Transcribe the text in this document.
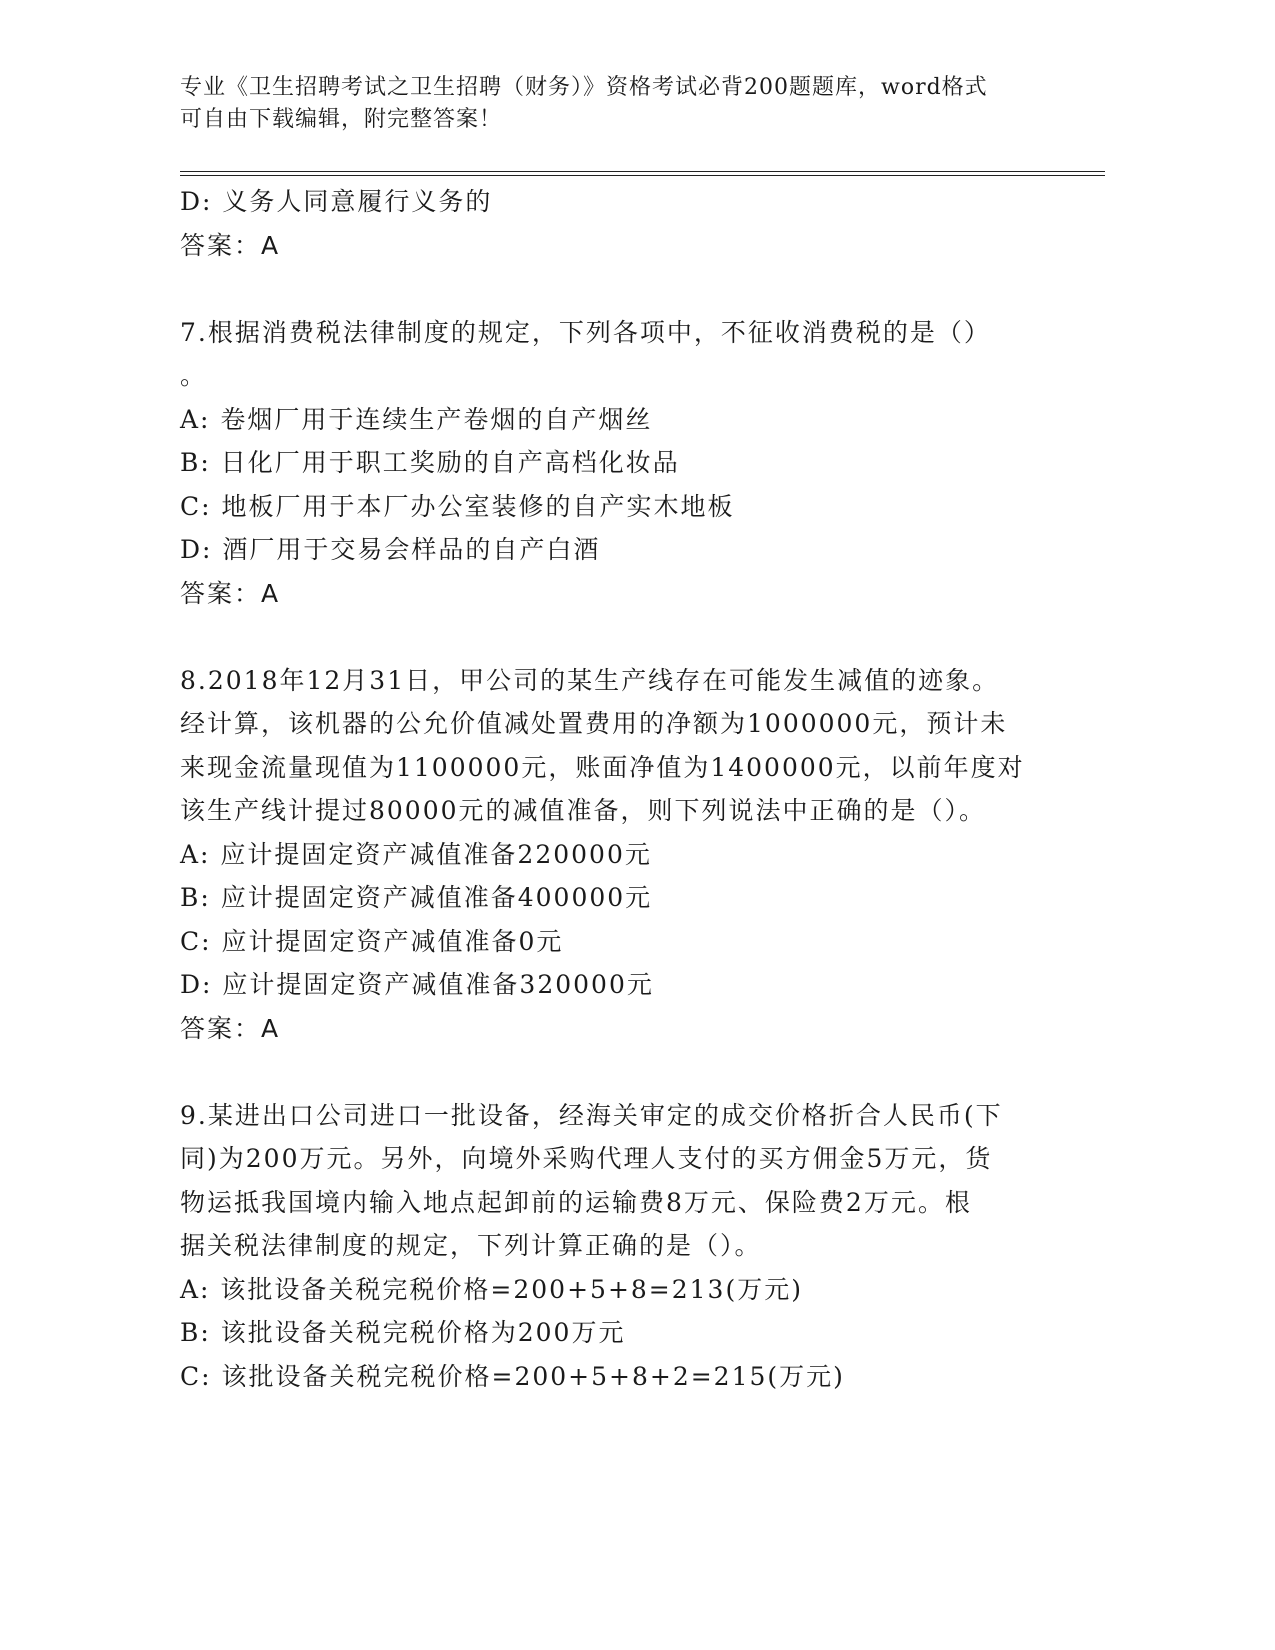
专业《卫生招聘考试之卫生招聘（财务）》资格考试必背200题题库，word格式
可自由下载编辑，附完整答案！
D: 义务人同意履行义务的
答案：A
7.根据消费税法律制度的规定，下列各项中，不征收消费税的是（）
。
A: 卷烟厂用于连续生产卷烟的自产烟丝
B: 日化厂用于职工奖励的自产高档化妆品
C: 地板厂用于本厂办公室装修的自产实木地板
D: 酒厂用于交易会样品的自产白酒
答案：A
8.2018年12月31日，甲公司的某生产线存在可能发生减值的迹象。
经计算，该机器的公允价值减处置费用的净额为1000000元，预计未
来现金流量现值为1100000元，账面净值为1400000元，以前年度对
该生产线计提过80000元的减值准备，则下列说法中正确的是（）。
A: 应计提固定资产减值准备220000元
B: 应计提固定资产减值准备400000元
C: 应计提固定资产减值准备0元
D: 应计提固定资产减值准备320000元
答案：A
9.某进出口公司进口一批设备，经海关审定的成交价格折合人民币(下
同)为200万元。另外，向境外采购代理人支付的买方佣金5万元，货
物运抵我国境内输入地点起卸前的运输费8万元、保险费2万元。根
据关税法律制度的规定，下列计算正确的是（）。
A: 该批设备关税完税价格=200+5+8=213(万元)
B: 该批设备关税完税价格为200万元
C: 该批设备关税完税价格=200+5+8+2=215(万元)
